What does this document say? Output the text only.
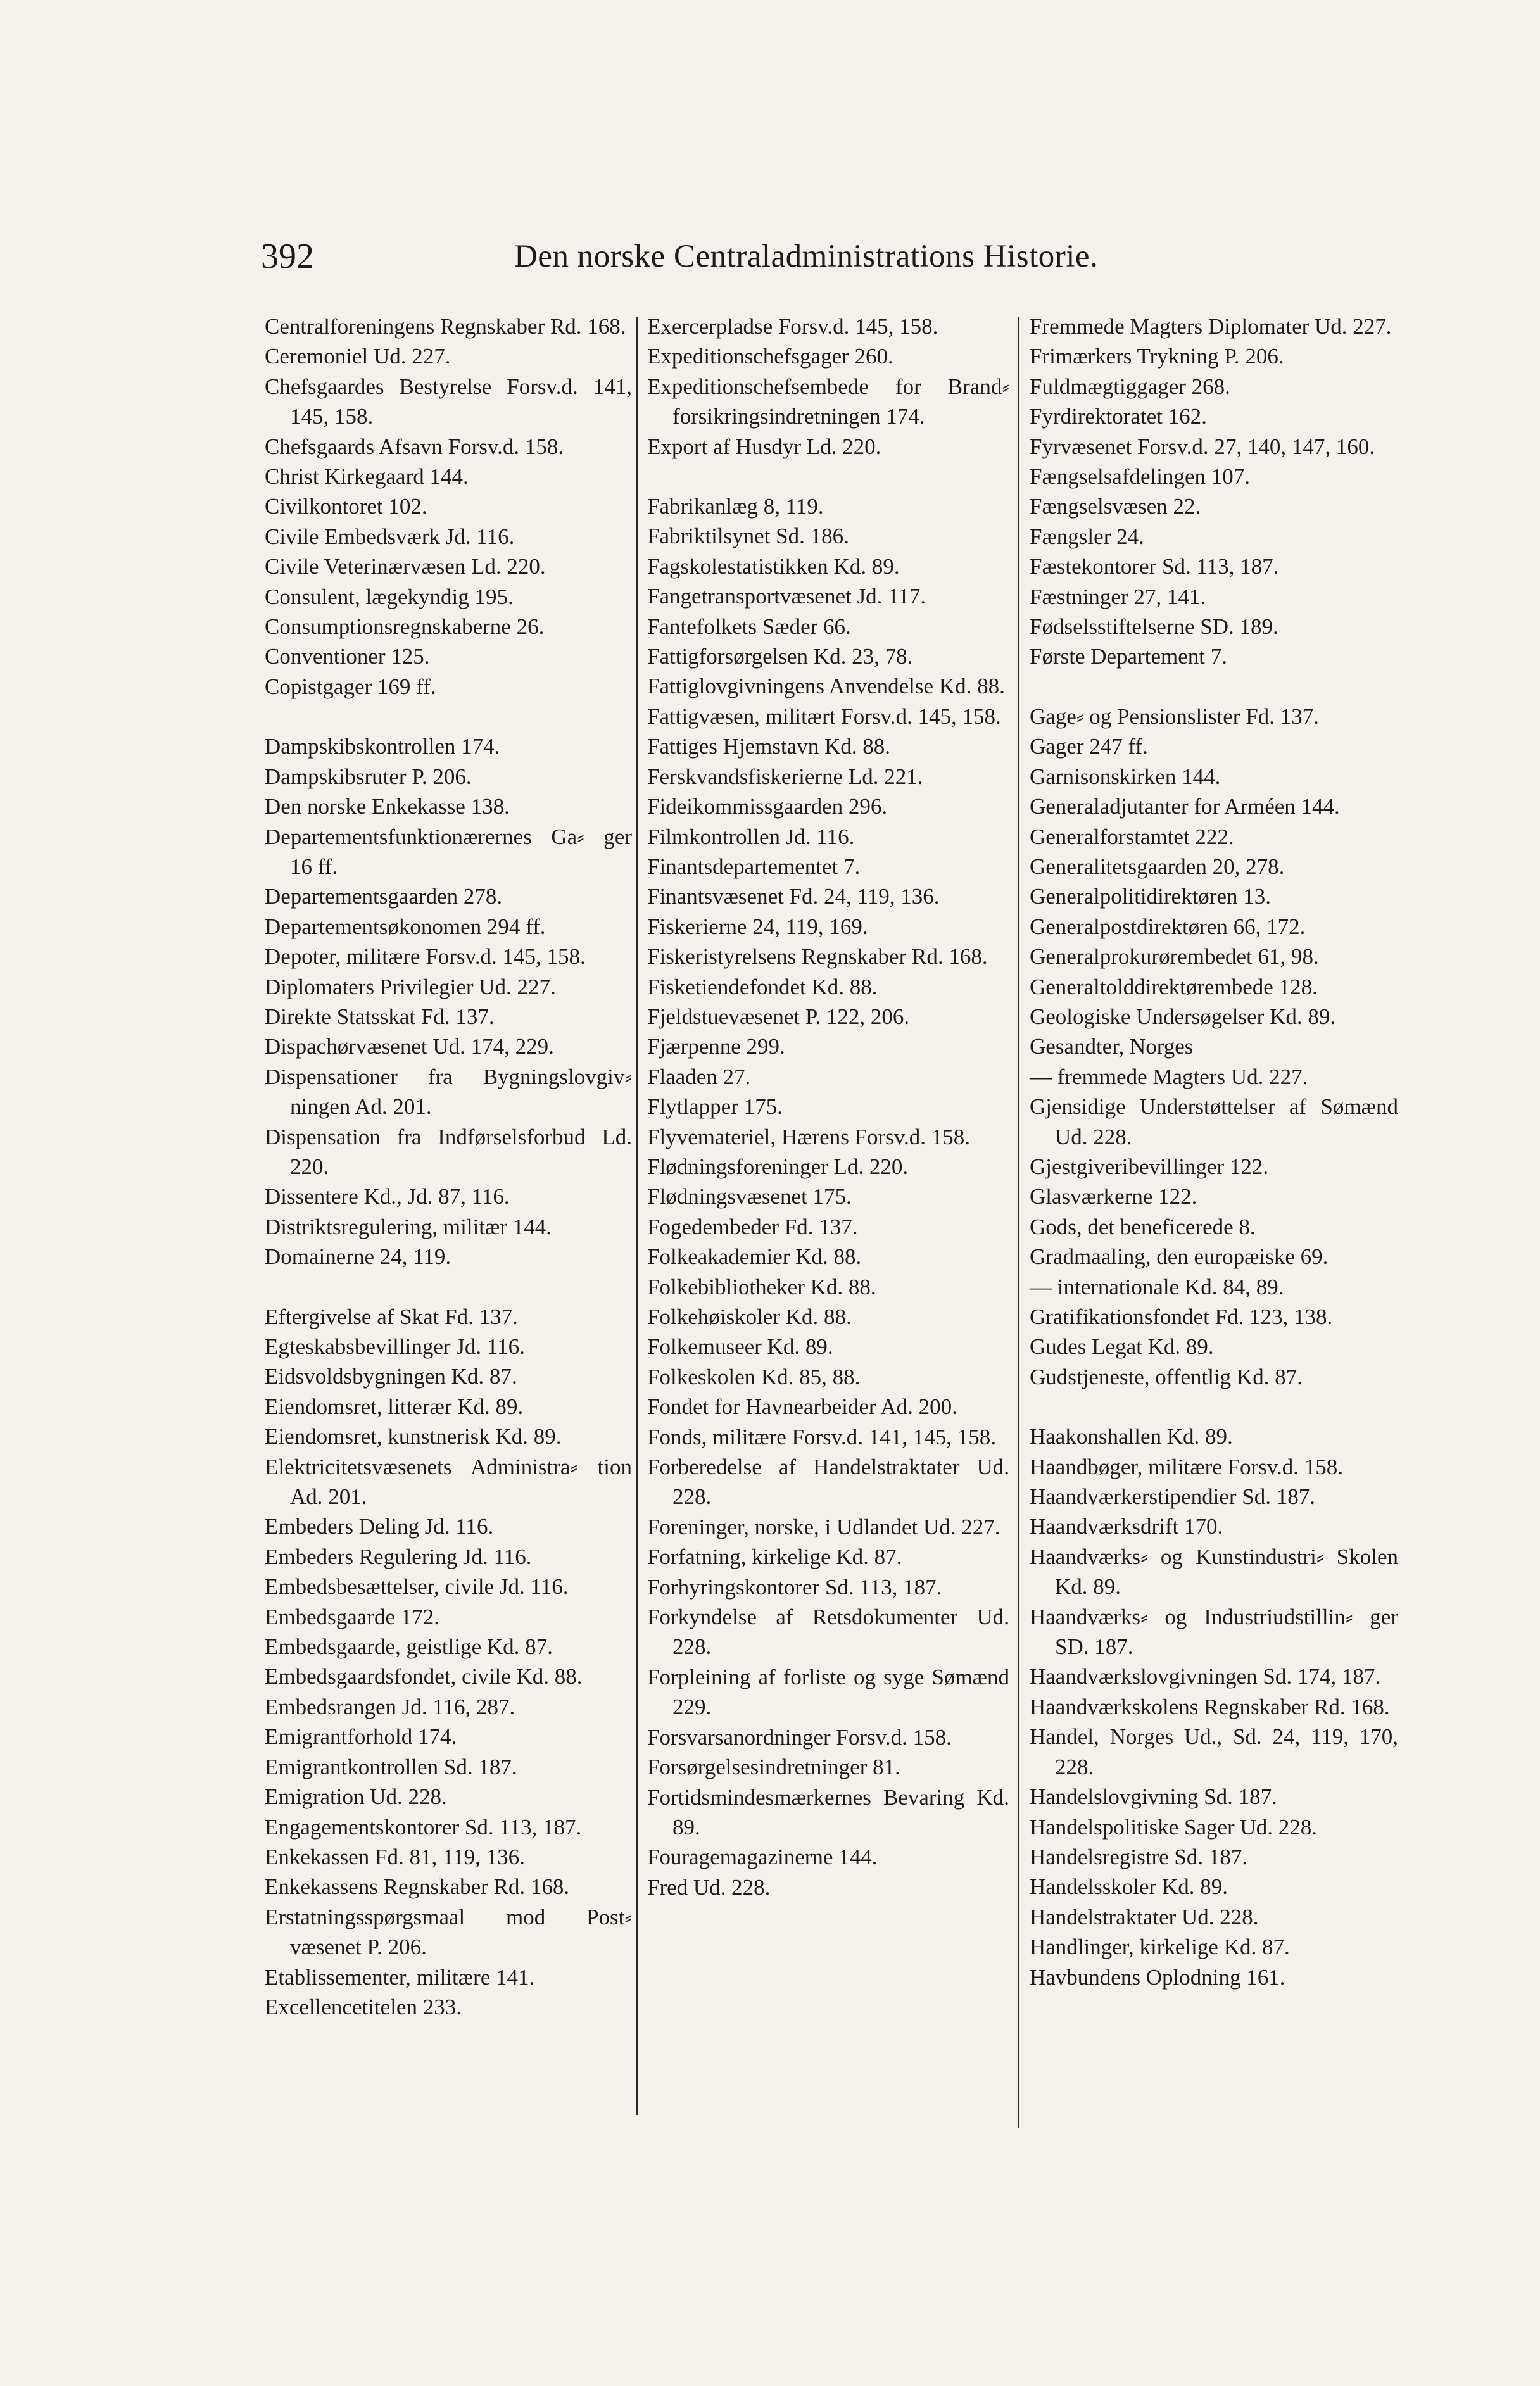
392	Den norske Centraladministrations Historie.
Centralforeningens Regnskaber Rd. 168.
Ceremoniel Ud. 227.
Chefsgaardes Bestyrelse Forsv.d. 141, 145, 158.
Chefsgaards Afsavn Forsv.d. 158.
Christ Kirkegaard 144.
Civilkontoret 102.
Civile Embedsværk Jd. 116.
Civile Veterinærvæsen Ld. 220.
Consulent, lægekyndig 195.
Consumptionsregnskaberne 26.
Conventioner 125.
Copistgager 169 ff.
Dampskibskontrollen 174.
Dampskibsruter P. 206.
Den norske Enkekasse 138.
Departementsfunktionærernes Ga⸗ ger 16 ff.
Departementsgaarden 278.
Departementsøkonomen 294 ff.
Depoter, militære Forsv.d. 145, 158.
Diplomaters Privilegier Ud. 227.
Direkte Statsskat Fd. 137.
Dispachørvæsenet Ud. 174, 229.
Dispensationer fra Bygningslovgiv⸗ ningen Ad. 201.
Dispensation fra Indførselsforbud Ld. 220.
Dissentere Kd., Jd. 87, 116.
Distriktsregulering, militær 144.
Domainerne 24, 119.
Eftergivelse af Skat Fd. 137.
Egteskabsbevillinger Jd. 116.
Eidsvoldsbygningen Kd. 87.
Eiendomsret, litterær Kd. 89.
Eiendomsret, kunstnerisk Kd. 89.
Elektricitetsvæsenets Administra⸗ tion Ad. 201.
Embeders Deling Jd. 116.
Embeders Regulering Jd. 116.
Embedsbesættelser, civile Jd. 116.
Embedsgaarde 172.
Embedsgaarde, geistlige Kd. 87.
Embedsgaardsfondet, civile Kd. 88.
Embedsrangen Jd. 116, 287.
Emigrantforhold 174.
Emigrantkontrollen Sd. 187.
Emigration Ud. 228.
Engagementskontorer Sd. 113, 187.
Enkekassen Fd. 81, 119, 136.
Enkekassens Regnskaber Rd. 168.
Erstatningsspørgsmaal mod Post⸗ væsenet P. 206.
Etablissementer, militære 141.
Excellencetitelen 233.
Exercerpladse Forsv.d. 145, 158.
Expeditionschefsgager 260.
Expeditionschefsembede for Brand⸗ forsikringsindretningen 174.
Export af Husdyr Ld. 220.
Fabrikanlæg 8, 119.
Fabriktilsynet Sd. 186.
Fagskolestatistikken Kd. 89.
Fangetransportvæsenet Jd. 117.
Fantefolkets Sæder 66.
Fattigforsørgelsen Kd. 23, 78.
Fattiglovgivningens Anvendelse Kd. 88.
Fattigvæsen, militært Forsv.d. 145, 158.
Fattiges Hjemstavn Kd. 88.
Ferskvandsfiskerierne Ld. 221.
Fideikommissgaarden 296.
Filmkontrollen Jd. 116.
Finantsdepartementet 7.
Finantsvæsenet Fd. 24, 119, 136.
Fiskerierne 24, 119, 169.
Fiskeristyrelsens Regnskaber Rd. 168.
Fisketiendefondet Kd. 88.
Fjeldstuevæsenet P. 122, 206.
Fjærpenne 299.
Flaaden 27.
Flytlapper 175.
Flyvemateriel, Hærens Forsv.d. 158.
Flødningsforeninger Ld. 220.
Flødningsvæsenet 175.
Fogedembeder Fd. 137.
Folkeakademier Kd. 88.
Folkebibliotheker Kd. 88.
Folkehøiskoler Kd. 88.
Folkemuseer Kd. 89.
Folkeskolen Kd. 85, 88.
Fondet for Havnearbeider Ad. 200.
Fonds, militære Forsv.d. 141, 145, 158.
Forberedelse af Handelstraktater Ud. 228.
Foreninger, norske, i Udlandet Ud. 227.
Forfatning, kirkelige Kd. 87.
Forhyringskontorer Sd. 113, 187.
Forkyndelse af Retsdokumenter Ud. 228.
Forpleining af forliste og syge Sømænd 229.
Forsvarsanordninger Forsv.d. 158.
Forsørgelsesindretninger 81.
Fortidsmindesmærkernes Bevaring Kd. 89.
Fouragemagazinerne 144.
Fred Ud. 228.
Fremmede Magters Diplomater Ud. 227.
Frimærkers Trykning P. 206.
Fuldmægtiggager 268.
Fyrdirektoratet 162.
Fyrvæsenet Forsv.d. 27, 140, 147, 160.
Fængselsafdelingen 107.
Fængselsvæsen 22.
Fængsler 24.
Fæstekontorer Sd. 113, 187.
Fæstninger 27, 141.
Fødselsstiftelserne SD. 189.
Første Departement 7.
Gage⸗ og Pensionslister Fd. 137.
Gager 247 ff.
Garnisonskirken 144.
Generaladjutanter for Arméen 144.
Generalforstamtet 222.
Generalitetsgaarden 20, 278.
Generalpolitidirektøren 13.
Generalpostdirektøren 66, 172.
Generalprokurørembedet 61, 98.
Generaltolddirektørembede 128.
Geologiske Undersøgelser Kd. 89.
Gesandter, Norges
— fremmede Magters Ud. 227.
Gjensidige Understøttelser af Sømænd Ud. 228.
Gjestgiveribevillinger 122.
Glasværkerne 122.
Gods, det beneficerede 8.
Gradmaaling, den europæiske 69.
— internationale Kd. 84, 89.
Gratifikationsfondet Fd. 123, 138.
Gudes Legat Kd. 89.
Gudstjeneste, offentlig Kd. 87.
Haakonshallen Kd. 89.
Haandbøger, militære Forsv.d. 158.
Haandværkerstipendier Sd. 187.
Haandværksdrift 170.
Haandværks⸗ og Kunstindustri⸗ Skolen Kd. 89.
Haandværks⸗ og Industriudstillin⸗ ger SD. 187.
Haandværkslovgivningen Sd. 174, 187.
Haandværkskolens Regnskaber Rd. 168.
Handel, Norges Ud., Sd. 24, 119, 170, 228.
Handelslovgivning Sd. 187.
Handelspolitiske Sager Ud. 228.
Handelsregistre Sd. 187.
Handelsskoler Kd. 89.
Handelstraktater Ud. 228.
Handlinger, kirkelige Kd. 87.
Havbundens Oplodning 161.
